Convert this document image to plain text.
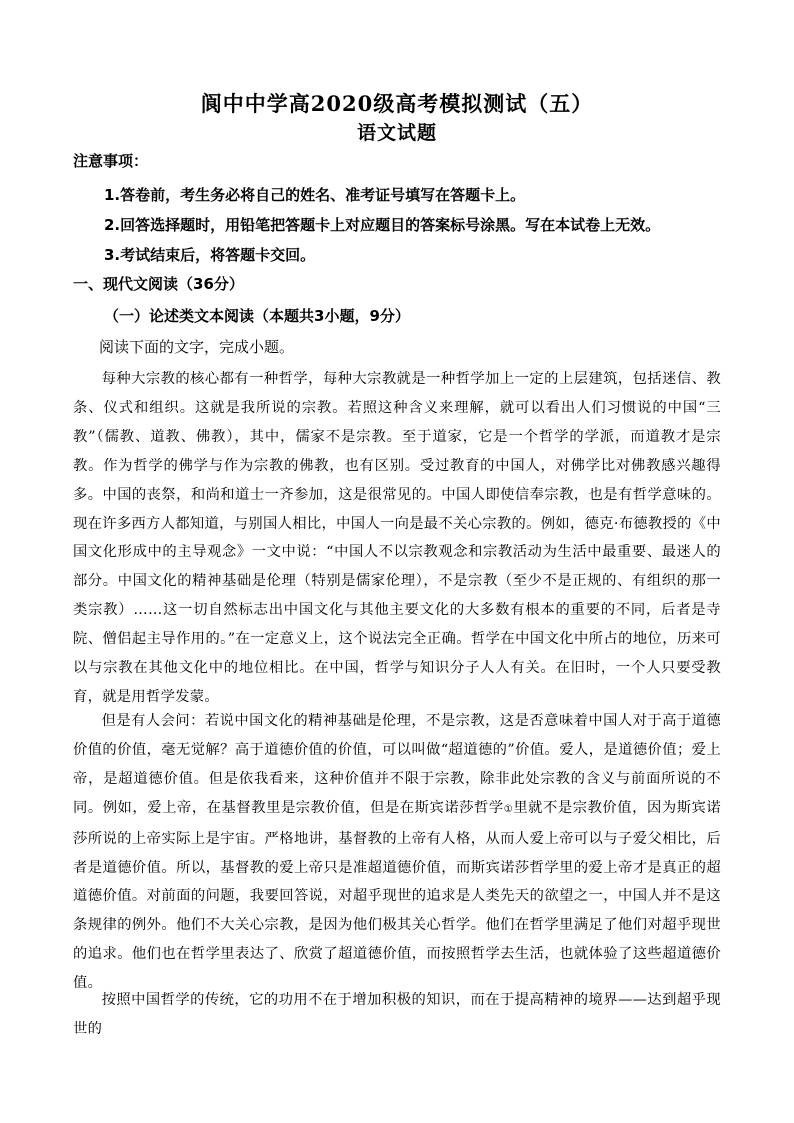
阆中中学高2020级高考模拟测试（五）
语文试题
注意事项：
1.答卷前，考生务必将自己的姓名、准考证号填写在答题卡上。
2.回答选择题时，用铅笔把答题卡上对应题目的答案标号涂黑。写在本试卷上无效。
3.考试结束后，将答题卡交回。
一、现代文阅读（36分）
（一）论述类文本阅读（本题共3小题，9分）
阅读下面的文字，完成小题。
每种大宗教的核心都有一种哲学，每种大宗教就是一种哲学加上一定的上层建筑，包括迷信、教条、仪式和组织。这就是我所说的宗教。若照这种含义来理解，就可以看出人们习惯说的中国“三教”（儒教、道教、佛教），其中，儒家不是宗教。至于道家，它是一个哲学的学派，而道教才是宗教。作为哲学的佛学与作为宗教的佛教，也有区别。受过教育的中国人，对佛学比对佛教感兴趣得多。中国的丧祭，和尚和道士一齐参加，这是很常见的。中国人即使信奉宗教，也是有哲学意味的。现在许多西方人都知道，与别国人相比，中国人一向是最不关心宗教的。例如，德克·布德教授的《中国文化形成中的主导观念》一文中说：“中国人不以宗教观念和宗教活动为生活中最重要、最迷人的部分。中国文化的精神基础是伦理（特别是儒家伦理），不是宗教（至少不是正规的、有组织的那一类宗教）……这一切自然标志出中国文化与其他主要文化的大多数有根本的重要的不同，后者是寺院、僧侣起主导作用的。”在一定意义上，这个说法完全正确。哲学在中国文化中所占的地位，历来可以与宗教在其他文化中的地位相比。在中国，哲学与知识分子人人有关。在旧时，一个人只要受教育，就是用哲学发蒙。
但是有人会问：若说中国文化的精神基础是伦理，不是宗教，这是否意味着中国人对于高于道德价值的价值，毫无觉解？高于道德价值的价值，可以叫做“超道德的”价值。爱人，是道德价值；爱上帝，是超道德价值。但是依我看来，这种价值并不限于宗教，除非此处宗教的含义与前面所说的不同。例如，爱上帝，在基督教里是宗教价值，但是在斯宾诺莎哲学①里就不是宗教价值，因为斯宾诺莎所说的上帝实际上是宇宙。严格地讲，基督教的上帝有人格，从而人爱上帝可以与子爱父相比，后者是道德价值。所以，基督教的爱上帝只是准超道德价值，而斯宾诺莎哲学里的爱上帝才是真正的超道德价值。对前面的问题，我要回答说，对超乎现世的追求是人类先天的欲望之一，中国人并不是这条规律的例外。他们不大关心宗教，是因为他们极其关心哲学。他们在哲学里满足了他们对超乎现世的追求。他们也在哲学里表达了、欣赏了超道德价值，而按照哲学去生活，也就体验了这些超道德价值。
按照中国哲学的传统，它的功用不在于增加积极的知识，而在于提高精神的境界——达到超乎现世的
